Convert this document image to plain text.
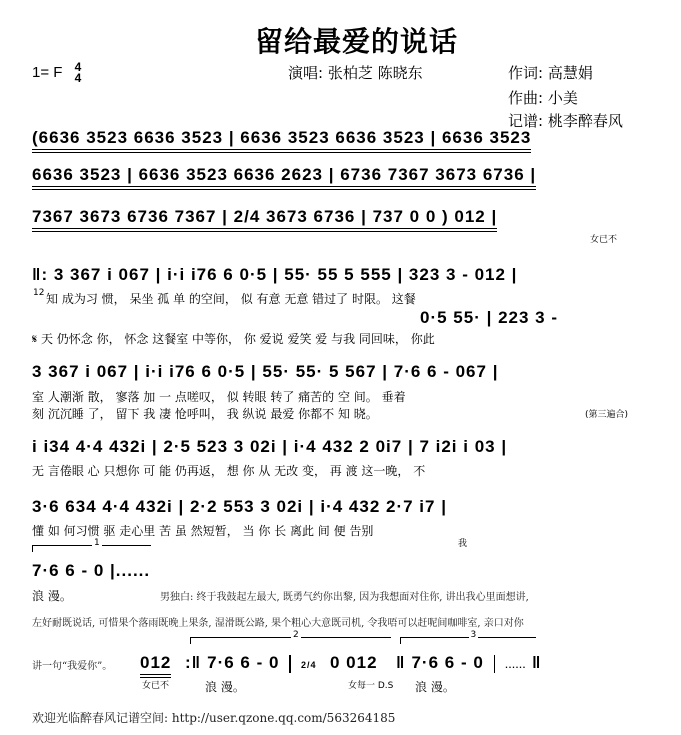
留给最爱的说话
1= F 4
4	演唱: 张柏芝 陈晓东	作词: 高慧娟
作曲: 小美
记谱: 桃李醉春风
(6636 3523 6636 3523 | 6636 3523 6636 3523 | 6636 3523
6636 3523 | 6636 3523 6636 2623 | 6736 7367 3673 6736 |
7367 3673 6736 7367 | 2/4 3673 6736 | 737 0 0 ) 012 |
女已不
‖: 3 367 i 067 | i·i i76 6 0·5 | 55· 55 5 555 | 323 3 - 012 |
12 知 成为习 惯， 呆坐 孤 单 的空间， 似 有意 无意 错过了 时限。 这餐
0·5 55· | 223 3 -
𝄋 天 仍怀念 你， 怀念 这餐室 中等你， 你 爱说 爱笑 爱 与我 同回味， 你此
3 367 i 067 | i·i i76 6 0·5 | 55· 55· 5 567 | 7·6 6 - 067 |
室 人潮渐 散， 寥落 加 一 点嗟叹， 似 转眼 转了 痛苦的 空 间。 垂着
刻 沉沉睡 了， 留下 我 凄 怆呼叫， 我 纵说 最爱 你都不 知 晓。	(第三遍合)
i i34 4·4 432i | 2·5 523 3 02i | i·4 432 2 0i7 | 7 i2i i 03 |
无 言倦眼 心 只想你 可 能 仍再返， 想 你 从 无改 变， 再 渡 这一晚， 不
3·6 634 4·4 432i | 2·2 553 3 02i | i·4 432 2·7 i7 |
懂 如 何习惯 驱 走心里 苦 虽 然短暂， 当 你 长 离此 间 便 告别
我
1
7·6 6 - 0 |......
浪 漫。	男独白: 终于我鼓起左最大, 既勇气约你出黎, 因为我想面对住你, 讲出我心里面想讲,
左好耐既说话, 可惜果个落雨既晚上果条, 湿滑既公路, 果个粗心大意既司机, 令我唔可以赶呢间咖啡室, 亲口对你
讲一句“我爱你”。 012
女已不
2
:‖ 7·6 6 - 0 2/4
浪 漫。
0 012
女每一 D.S
3
‖ 7·6 6 - 0 ...... ‖
浪 漫。
欢迎光临醉春风记谱空间: http://user.qzone.qq.com/563264185
